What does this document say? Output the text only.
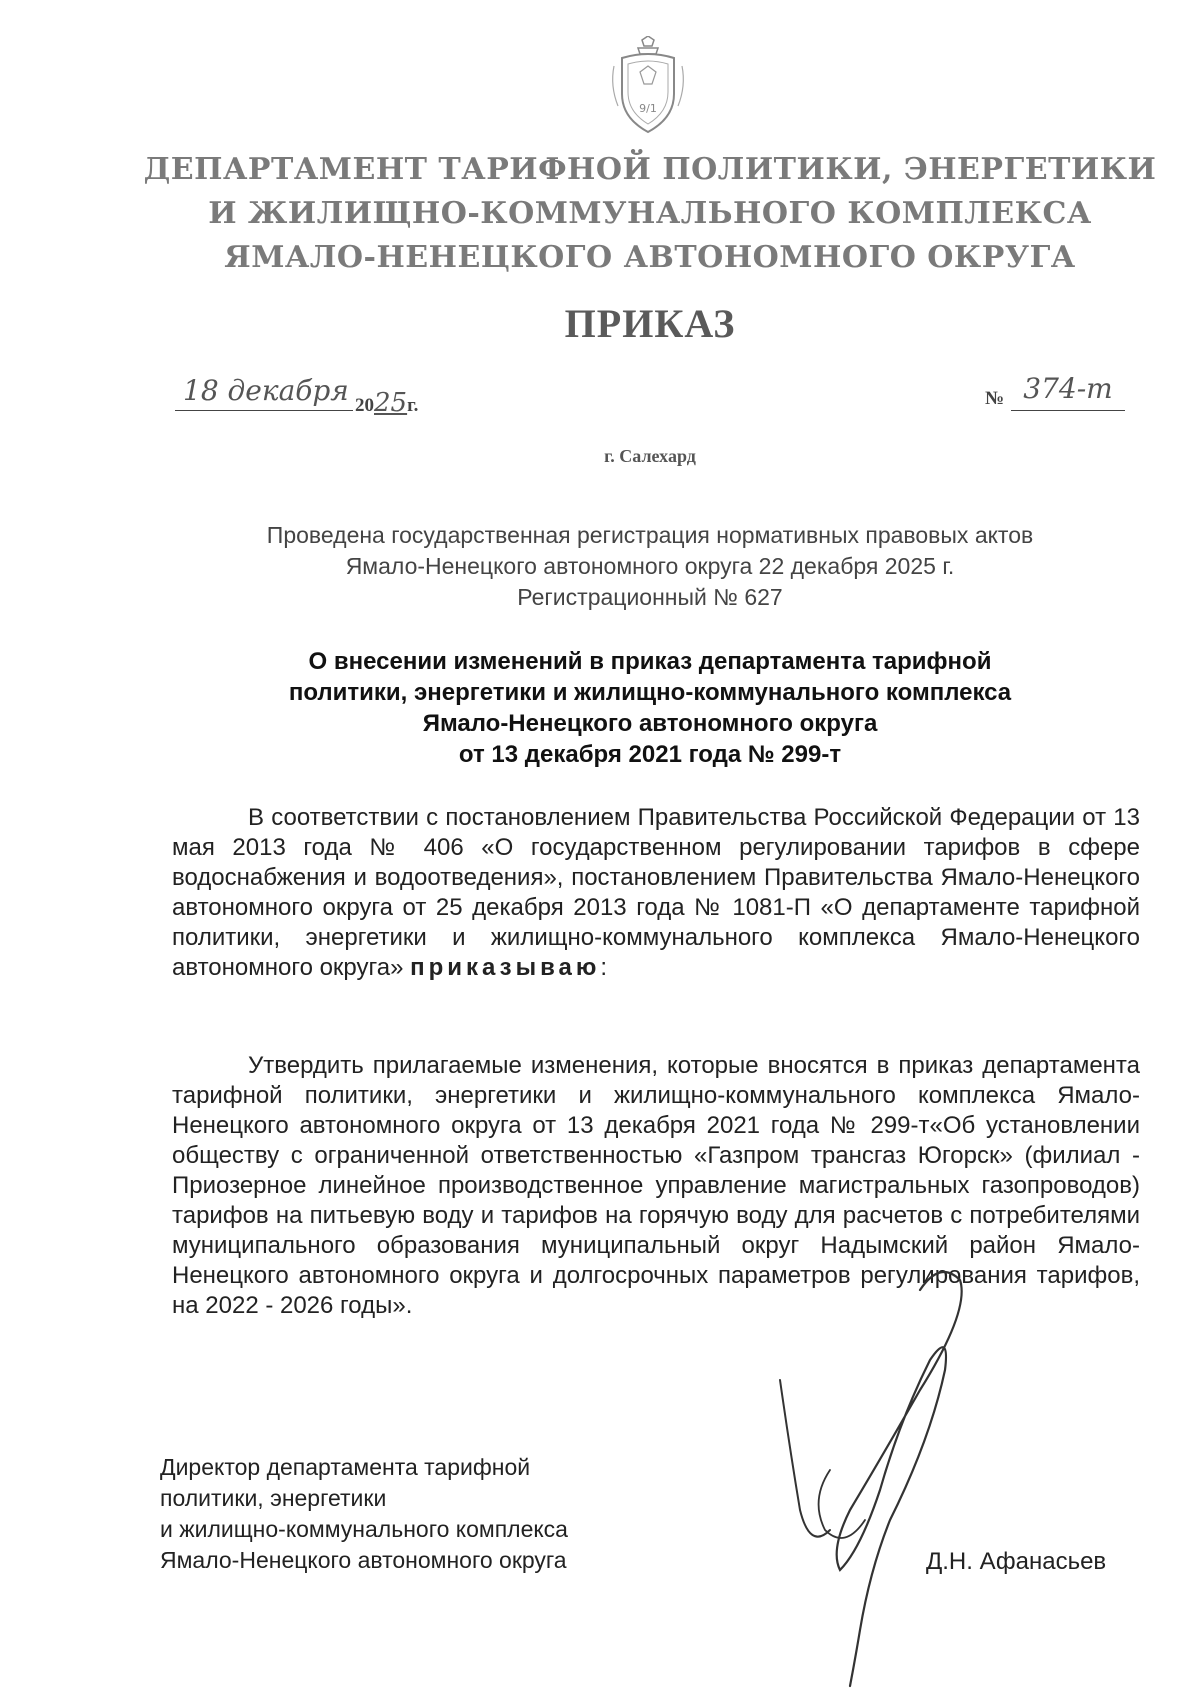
9/1
ДЕПАРТАМЕНТ ТАРИФНОЙ ПОЛИТИКИ, ЭНЕРГЕТИКИ
И ЖИЛИЩНО-КОММУНАЛЬНОГО КОМПЛЕКСА
ЯМАЛО-НЕНЕЦКОГО АВТОНОМНОГО ОКРУГА
ПРИКАЗ
18 декабря 2025г.	№ 374-т
г. Салехард
Проведена государственная регистрация нормативных правовых актов
Ямало-Ненецкого автономного округа 22 декабря 2025 г.
Регистрационный № 627
О внесении изменений в приказ департамента тарифной
политики, энергетики и жилищно-коммунального комплекса
Ямало-Ненецкого автономного округа
от 13 декабря 2021 года № 299-т
В соответствии с постановлением Правительства Российской Федерации от 13 мая 2013 года № 406 «О государственном регулировании тарифов в сфере водоснабжения и водоотведения», постановлением Правительства Ямало-Ненецкого автономного округа от 25 декабря 2013 года № 1081-П «О департаменте тарифной политики, энергетики и жилищно-коммунального комплекса Ямало-Ненецкого автономного округа» приказываю:
Утвердить прилагаемые изменения, которые вносятся в приказ департамента тарифной политики, энергетики и жилищно-коммунального комплекса Ямало-Ненецкого автономного округа от 13 декабря 2021 года № 299-т«Об установлении обществу с ограниченной ответственностью «Газпром трансгаз Югорск» (филиал - Приозерное линейное производственное управление магистральных газопроводов) тарифов на питьевую воду и тарифов на горячую воду для расчетов с потребителями муниципального образования муниципальный округ Надымский район Ямало-Ненецкого автономного округа и долгосрочных параметров регулирования тарифов, на 2022 - 2026 годы».
Директор департамента тарифной
политики, энергетики
и жилищно-коммунального комплекса
Ямало-Ненецкого автономного округа	Д.Н. Афанасьев
